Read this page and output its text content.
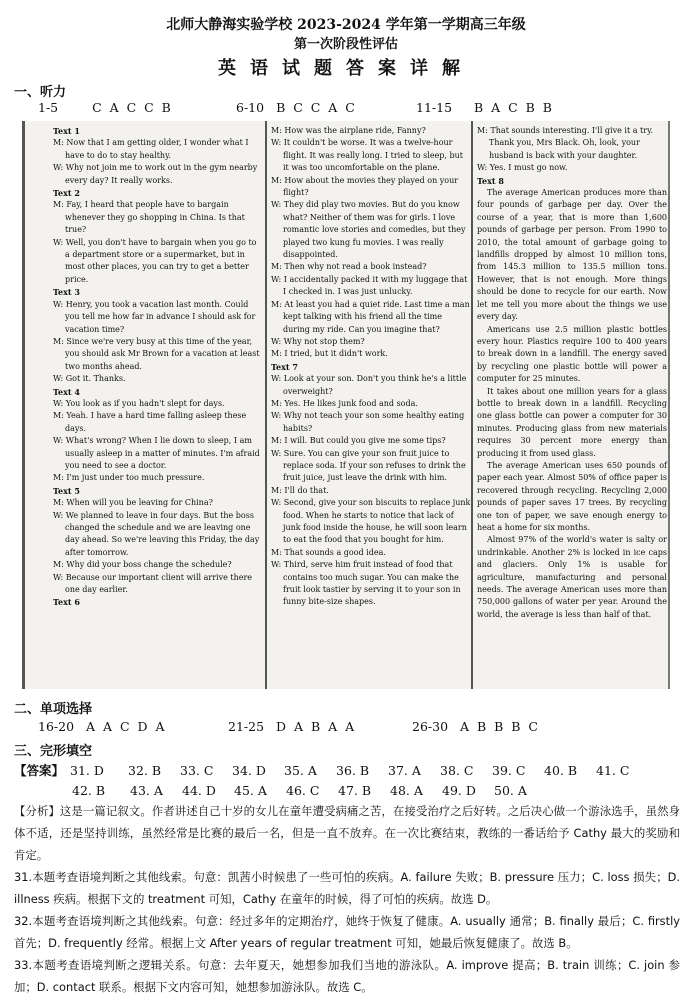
北师大静海实验学校 2023-2024 学年第一学期高三年级
第一次阶段性评估
英语试题答案详解
一、听力
1-5	C  A  C  C  B	6-10 B  C  C  A  C	11-15 B  A  C  B  B
Text 1
M: Now that I am getting older, I wonder what I have to do to stay healthy.
W: Why not join me to work out in the gym nearby every day? It really works.
Text 2
M: Fay, I heard that people have to bargain whenever they go shopping in China. Is that true?
W: Well, you don't have to bargain when you go to a department store or a supermarket, but in most other places, you can try to get a better price.
Text 3
W: Henry, you took a vacation last month. Could you tell me how far in advance I should ask for vacation time?
M: Since we're very busy at this time of the year, you should ask Mr Brown for a vacation at least two months ahead.
W: Got it. Thanks.
Text 4
W: You look as if you hadn't slept for days.
M: Yeah. I have a hard time falling asleep these days.
W: What's wrong? When I lie down to sleep, I am usually asleep in a matter of minutes. I'm afraid you need to see a doctor.
M: I'm just under too much pressure.
Text 5
M: When will you be leaving for China?
W: We planned to leave in four days. But the boss changed the schedule and we are leaving one day ahead. So we're leaving this Friday, the day after tomorrow.
M: Why did your boss change the schedule?
W: Because our important client will arrive there one day earlier.
Text 6
M: How was the airplane ride, Fanny?
W: It couldn't be worse. It was a twelve-hour flight. It was really long. I tried to sleep, but it was too uncomfortable on the plane.
M: How about the movies they played on your flight?
W: They did play two movies. But do you know what? Neither of them was for girls. I love romantic love stories and comedies, but they played two kung fu movies. I was really disappointed.
M: Then why not read a book instead?
W: I accidentally packed it with my luggage that I checked in. I was just unlucky.
M: At least you had a quiet ride. Last time a man kept talking with his friend all the time during my ride. Can you imagine that?
W: Why not stop them?
M: I tried, but it didn't work.
Text 7
W: Look at your son. Don't you think he's a little overweight?
M: Yes. He likes junk food and soda.
W: Why not teach your son some healthy eating habits?
M: I will. But could you give me some tips?
W: Sure. You can give your son fruit juice to replace soda. If your son refuses to drink the fruit juice, just leave the drink with him.
M: I'll do that.
W: Second, give your son biscuits to replace junk food. When he starts to notice that lack of junk food inside the house, he will soon learn to eat the food that you bought for him.
M: That sounds a good idea.
W: Third, serve him fruit instead of food that contains too much sugar. You can make the fruit look tastier by serving it to your son in funny bite-size shapes.
M: That sounds interesting. I'll give it a try. Thank you, Mrs Black. Oh, look, your husband is back with your daughter.
W: Yes. I must go now.
Text 8
The average American produces more than four pounds of garbage per day. Over the course of a year, that is more than 1,600 pounds of garbage per person. From 1990 to 2010, the total amount of garbage going to landfills dropped by almost 10 million tons, from 145.3 million to 135.5 million tons. However, that is not enough. More things should be done to recycle for our earth. Now let me tell you more about the things we use every day.
Americans use 2.5 million plastic bottles every hour. Plastics require 100 to 400 years to break down in a landfill. The energy saved by recycling one plastic bottle will power a computer for 25 minutes.
It takes about one million years for a glass bottle to break down in a landfill. Recycling one glass bottle can power a computer for 30 minutes. Producing glass from new materials requires 30 percent more energy than producing it from used glass.
The average American uses 650 pounds of paper each year. Almost 50% of office paper is recovered through recycling. Recycling 2,000 pounds of paper saves 17 trees. By recycling one ton of paper, we save enough energy to heat a home for six months.
Almost 97% of the world's water is salty or undrinkable. Another 2% is locked in ice caps and glaciers. Only 1% is usable for agriculture, manufacturing and personal needs. The average American uses more than 750,000 gallons of water per year. Around the world, the average is less than half of that.
二、单项选择
16-20 A  A  C  D  A	21-25 D  A  B  A  A	26-30 A  B  B  B  C
三、完形填空
【答案】 31. D 32. B 33. C 34. D 35. A 36. B 37. A 38. C 39. C 40. B 41. C
42. B 43. A 44. D 45. A 46. C 47. B 48. A 49. D 50. A
【分析】这是一篇记叙文。作者讲述自己十岁的女儿在童年遭受病痛之苦，在接受治疗之后好转。之后决心做一个游泳选手，虽然身体不适，还是坚持训练，虽然经常是比赛的最后一名，但是一直不放弃。在一次比赛结束，教练的一番话给予 Cathy 最大的奖励和肯定。
31.本题考查语境判断之其他线索。句意：凯茜小时候患了一些可怕的疾病。A. failure 失败；B. pressure 压力；C. loss 损失；D. illness 疾病。根据下文的 treatment 可知，Cathy 在童年的时候，得了可怕的疾病。故选 D。
32.本题考查语境判断之其他线索。句意：经过多年的定期治疗，她终于恢复了健康。A. usually 通常；B. finally 最后；C. firstly 首先；D. frequently 经常。根据上文 After years of regular treatment 可知，她最后恢复健康了。故选 B。
33.本题考查语境判断之逻辑关系。句意：去年夏天，她想参加我们当地的游泳队。A. improve 提高；B. train 训练；C. join 参加；D. contact 联系。根据下文内容可知，她想参加游泳队。故选 C。
